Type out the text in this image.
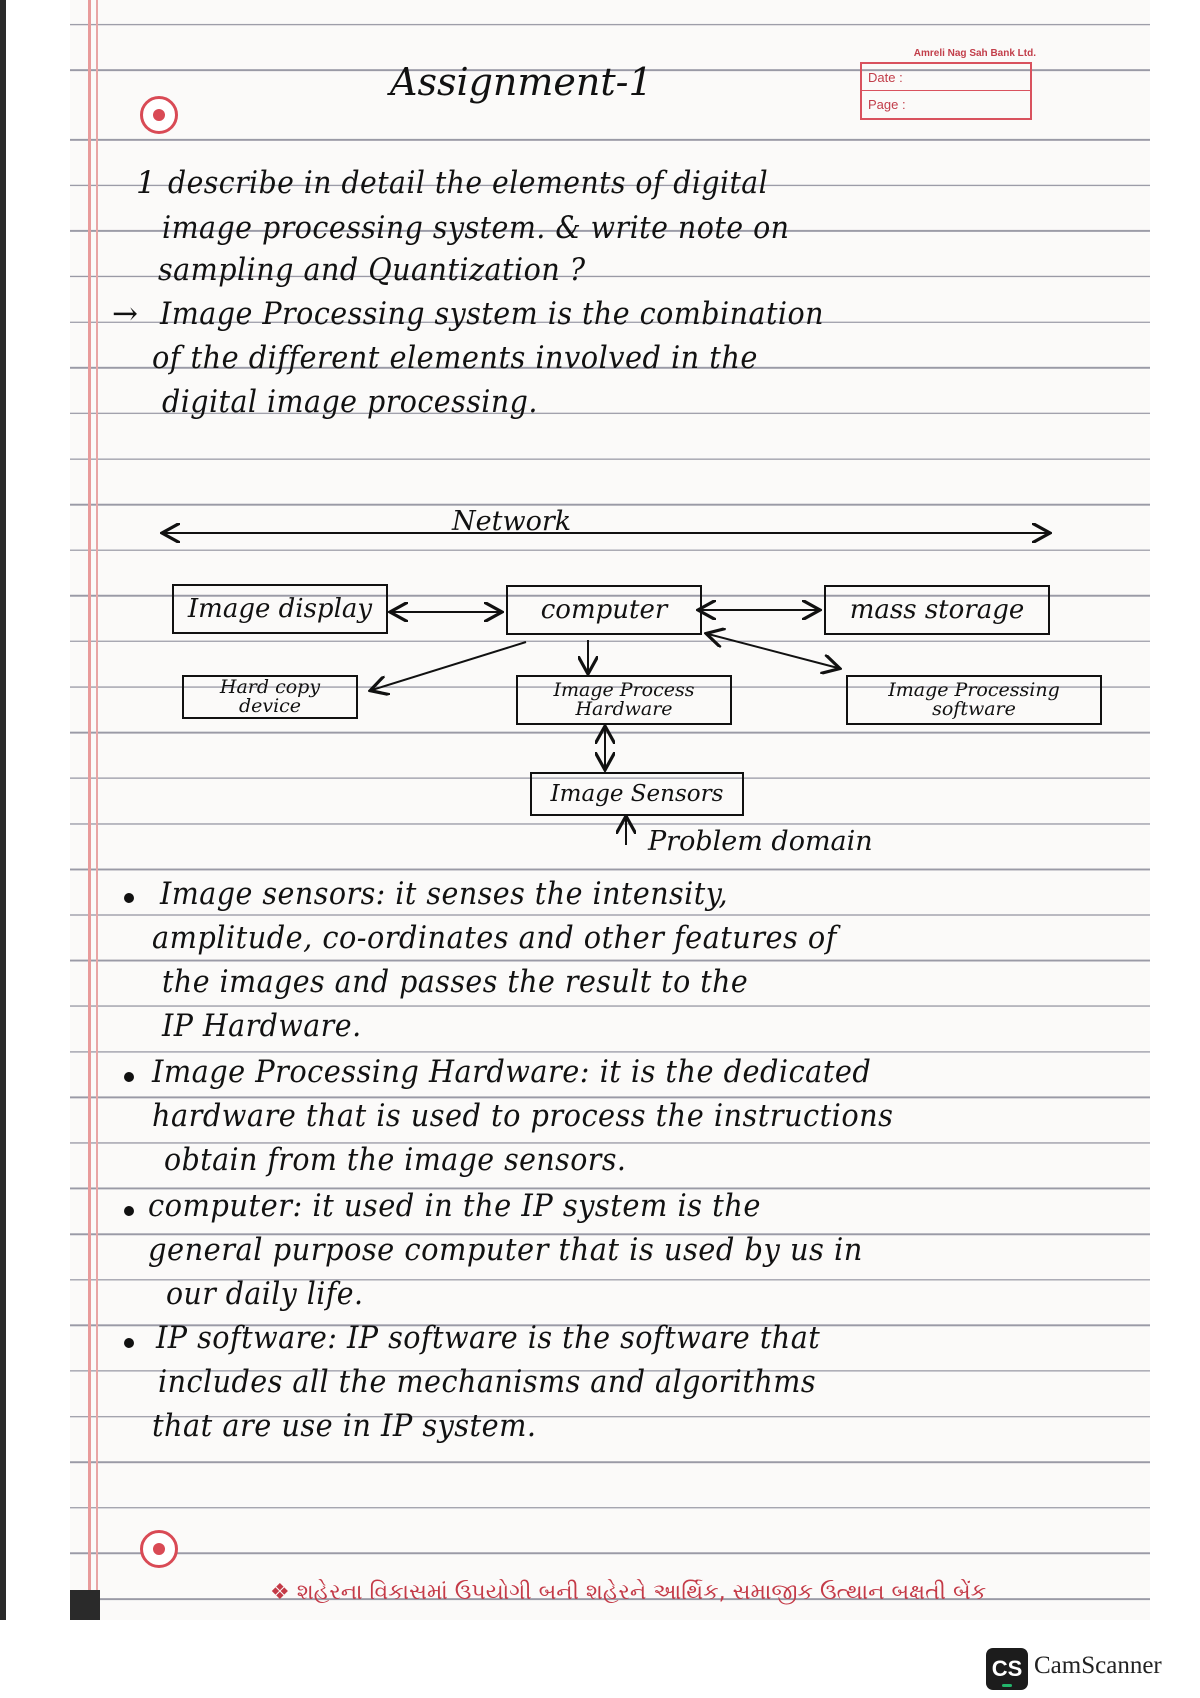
Amreli Nag Sah Bank Ltd.
Date :
Page :
Assignment-1
1 describe in detail the elements of digital
image processing system. & write note on
sampling and Quantization ?
→ Image Processing system is the combination
of the different elements involved in the
digital image processing.
Network
Image display	computer	mass storage
Hard copy
device
Image Process
Hardware
Image Processing
software
Image Sensors
Problem domain
Image sensors: it senses the intensity,
amplitude, co-ordinates and other features of
the images and passes the result to the
IP Hardware.
Image Processing Hardware: it is the dedicated
hardware that is used to process the instructions
obtain from the image sensors.
computer: it used in the IP system is the
general purpose computer that is used by us in
our daily life.
IP software: IP software is the software that
includes all the mechanisms and algorithms
that are use in IP system.
❖ શહેરના વિકાસમાં ઉપયોગી બની શહેરને આર્થિક, સમાજીક ઉત્થાન બક્ષતી બેંક
CS CamScanner
